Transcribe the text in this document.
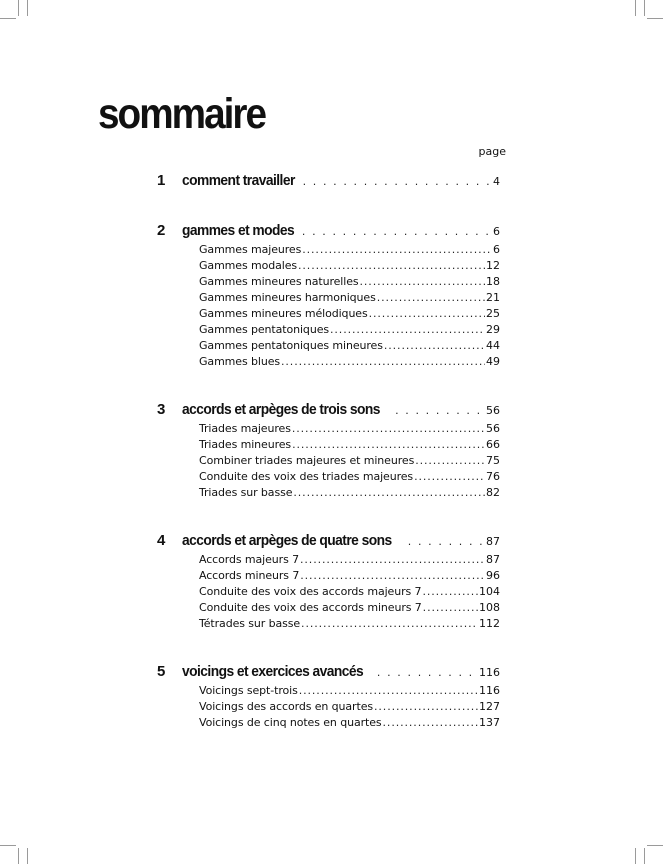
sommaire
page
1	comment travailler . . .	4
2	gammes et modes . . .	6
Gammes majeures .....	6
Gammes modales .....	12
Gammes mineures naturelles .....	18
Gammes mineures harmoniques .....	21
Gammes mineures mélodiques .....	25
Gammes pentatoniques .....	29
Gammes pentatoniques mineures .....	44
Gammes blues .....	49
3	accords et arpèges de trois sons . . .	56
Triades majeures .....	56
Triades mineures .....	66
Combiner triades majeures et mineures .....	75
Conduite des voix des triades majeures .....	76
Triades sur basse .....	82
4	accords et arpèges de quatre sons . . .	87
Accords majeurs 7 .....	87
Accords mineurs 7 .....	96
Conduite des voix des accords majeurs 7 .....	104
Conduite des voix des accords mineurs 7 .....	108
Tétrades sur basse .....	112
5	voicings et exercices avancés . . .	116
Voicings sept-trois .....	116
Voicings des accords en quartes .....	127
Voicings de cinq notes en quartes .....	137
